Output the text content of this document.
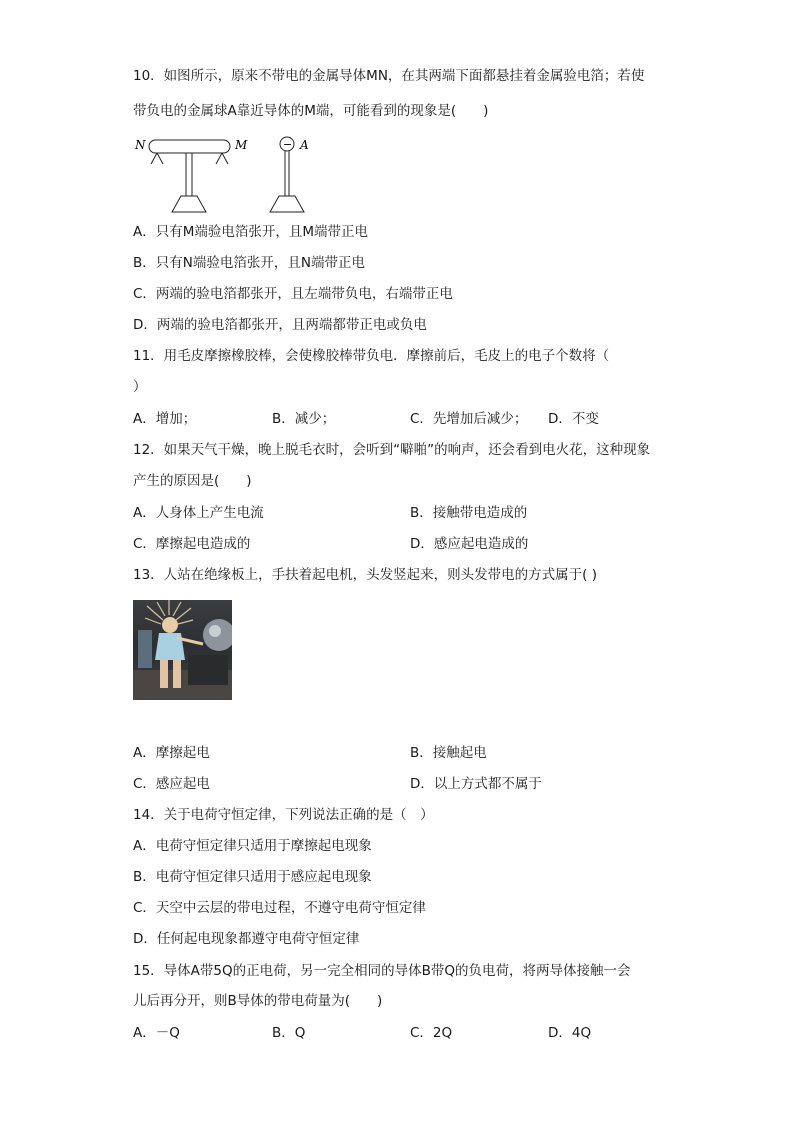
10．如图所示，原来不带电的金属导体MN，在其两端下面都悬挂着金属验电箔；若使
带负电的金属球A靠近导体的M端，可能看到的现象是(　　)
N	M	− A
A．只有M端验电箔张开，且M端带正电
B．只有N端验电箔张开，且N端带正电
C．两端的验电箔都张开，且左端带负电，右端带正电
D．两端的验电箔都张开，且两端都带正电或负电
11．用毛皮摩擦橡胶棒，会使橡胶棒带负电．摩擦前后，毛皮上的电子个数将（
）
A．增加；	B．减少；	C．先增加后减少； D．不变
12．如果天气干燥，晚上脱毛衣时，会听到“噼啪”的响声，还会看到电火花，这种现象
产生的原因是(　　)
A．人身体上产生电流	B．接触带电造成的
C．摩擦起电造成的	D．感应起电造成的
13．人站在绝缘板上，手扶着起电机，头发竖起来，则头发带电的方式属于( )
A．摩擦起电	B．接触起电
C．感应起电	D．以上方式都不属于
14．关于电荷守恒定律，下列说法正确的是（　）
A．电荷守恒定律只适用于摩擦起电现象
B．电荷守恒定律只适用于感应起电现象
C．天空中云层的带电过程，不遵守电荷守恒定律
D．任何起电现象都遵守电荷守恒定律
15．导体A带5Q的正电荷，另一完全相同的导体B带Q的负电荷，将两导体接触一会
儿后再分开，则B导体的带电荷量为(　　)
A．－Q	B．Q	C．2Q	D．4Q
